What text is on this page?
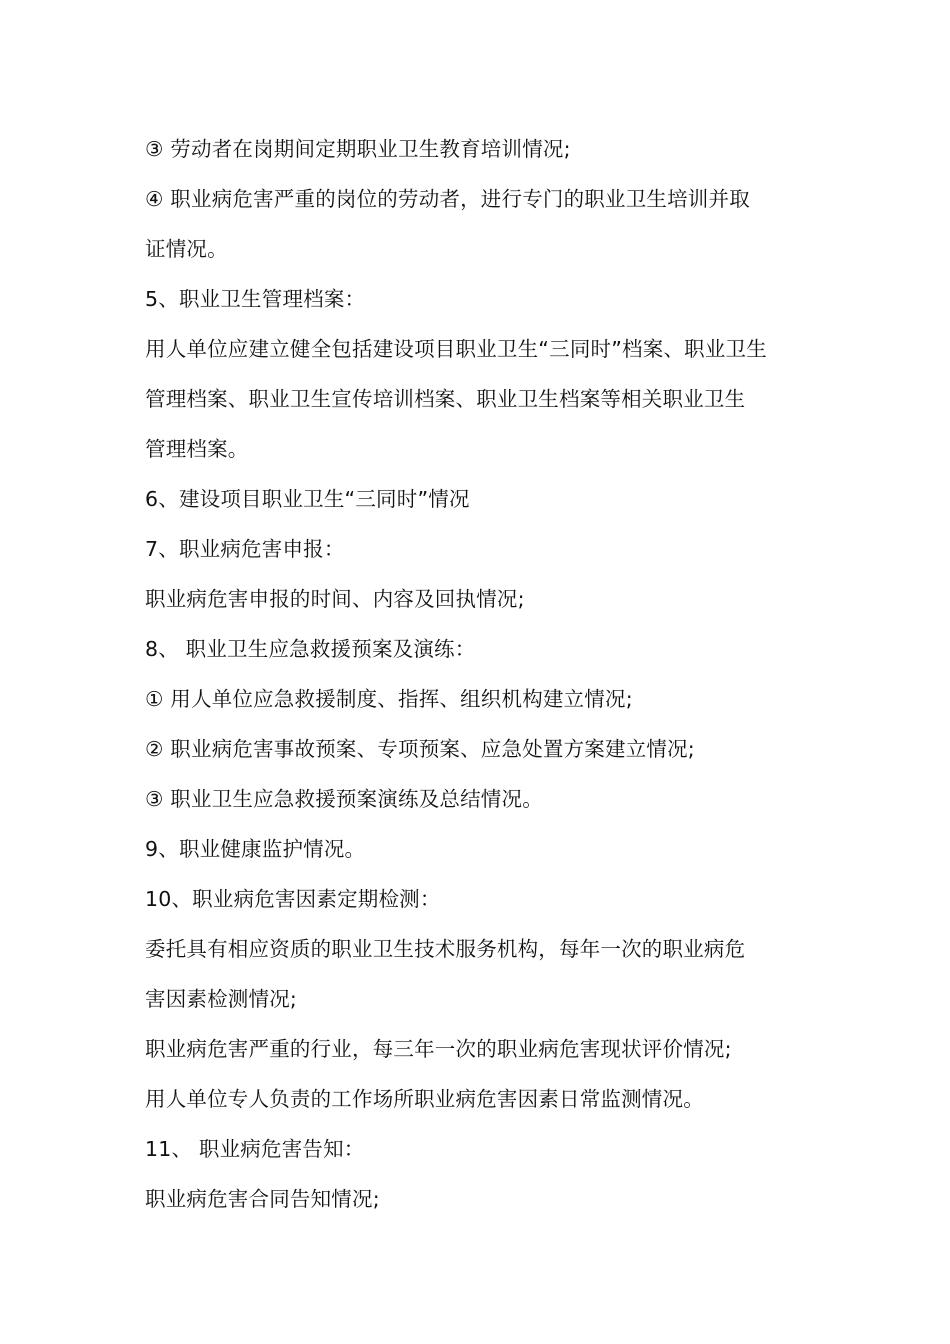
③ 劳动者在岗期间定期职业卫生教育培训情况;
④ 职业病危害严重的岗位的劳动者，进行专门的职业卫生培训并取
证情况。
5、职业卫生管理档案：
用人单位应建立健全包括建设项目职业卫生“三同时”档案、职业卫生
管理档案、职业卫生宣传培训档案、职业卫生档案等相关职业卫生
管理档案。
6、建设项目职业卫生“三同时”情况
7、职业病危害申报：
职业病危害申报的时间、内容及回执情况;
8、 职业卫生应急救援预案及演练：
① 用人单位应急救援制度、指挥、组织机构建立情况;
② 职业病危害事故预案、专项预案、应急处置方案建立情况;
③ 职业卫生应急救援预案演练及总结情况。
9、职业健康监护情况。
10、职业病危害因素定期检测：
委托具有相应资质的职业卫生技术服务机构，每年一次的职业病危
害因素检测情况;
职业病危害严重的行业，每三年一次的职业病危害现状评价情况;
用人单位专人负责的工作场所职业病危害因素日常监测情况。
11、 职业病危害告知：
职业病危害合同告知情况;
